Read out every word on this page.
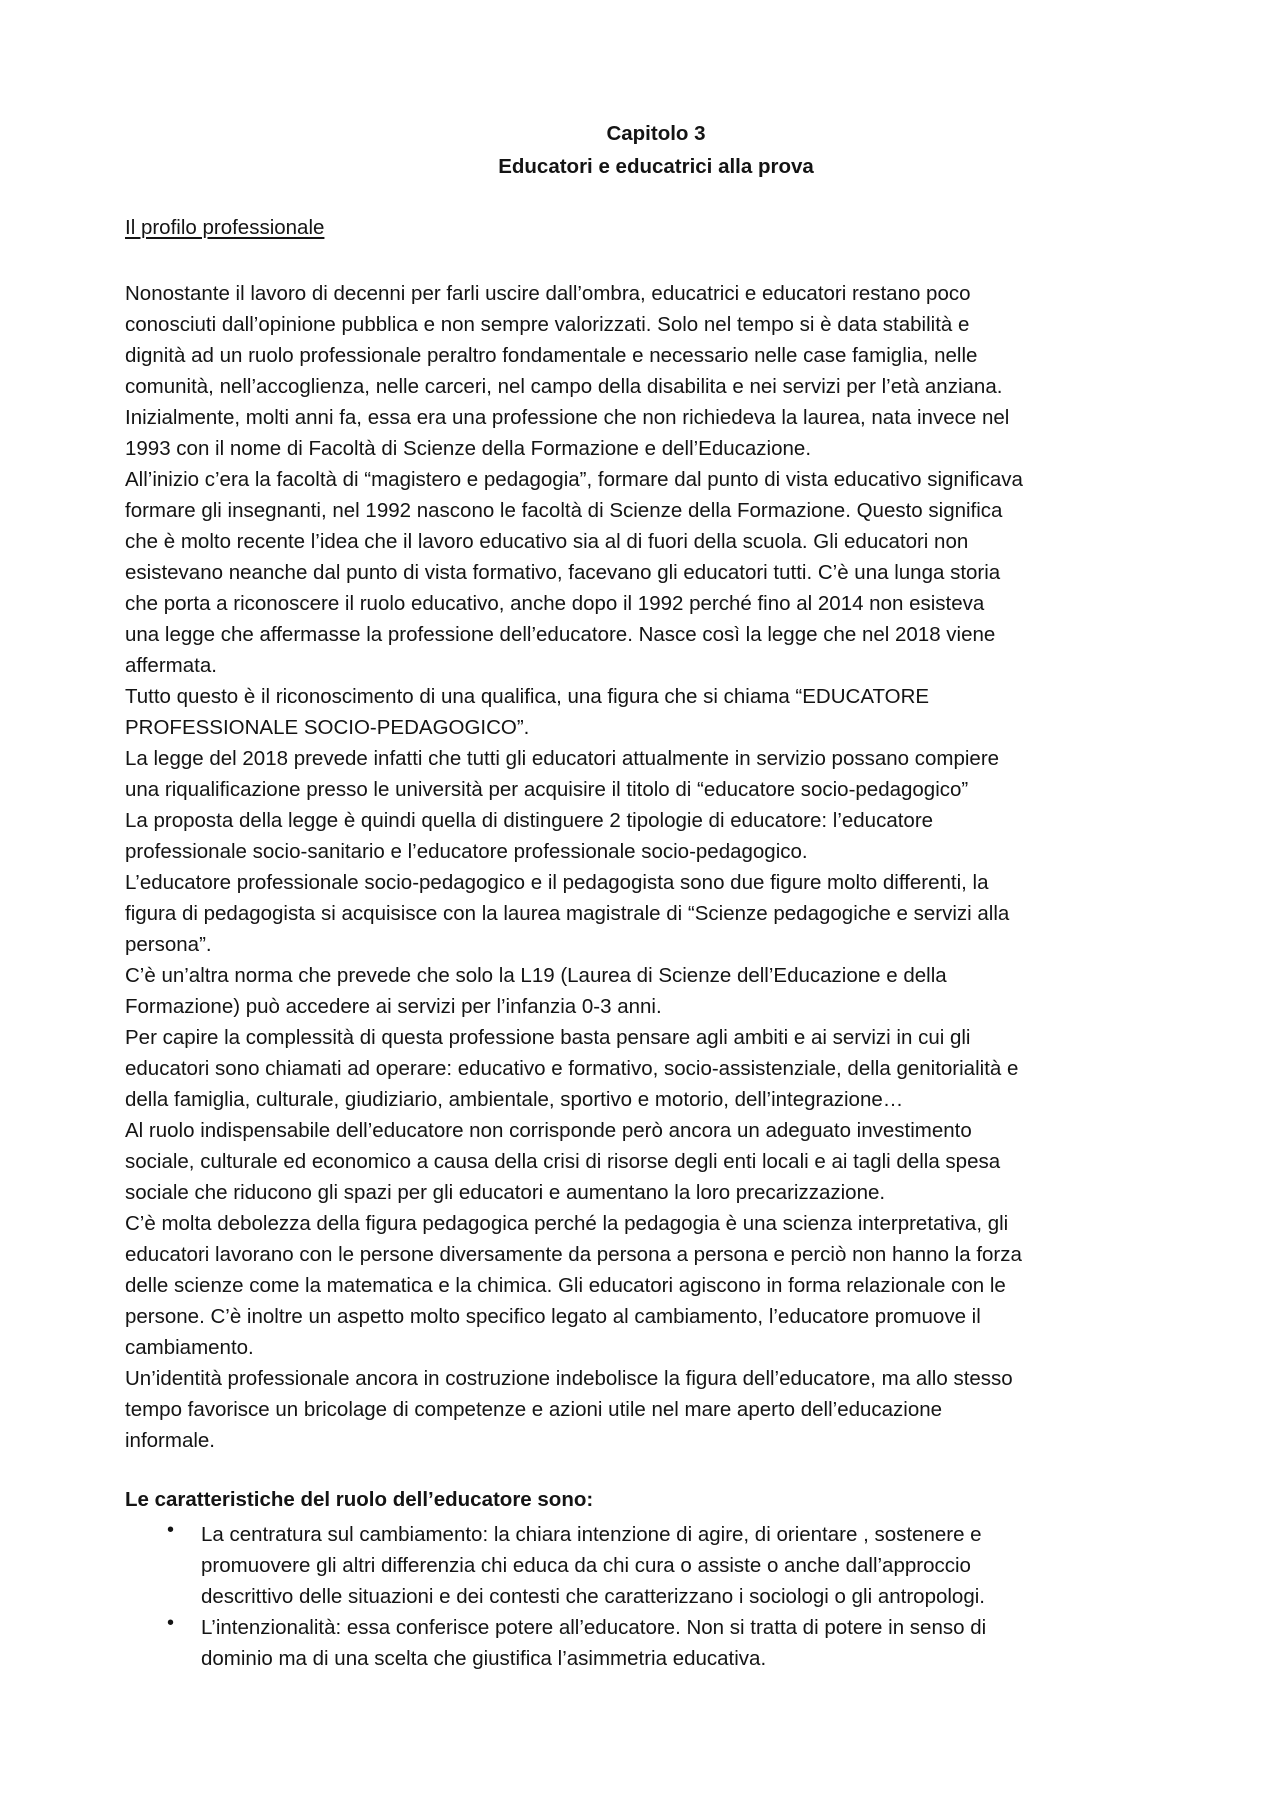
Capitolo 3
Educatori e educatrici alla prova
Il profilo professionale
Nonostante il lavoro di decenni per farli uscire dall’ombra, educatrici e educatori restano poco
conosciuti dall’opinione pubblica e non sempre valorizzati. Solo nel tempo si è data stabilità e
dignità ad un ruolo professionale peraltro fondamentale e necessario nelle case famiglia, nelle
comunità, nell’accoglienza, nelle carceri, nel campo della disabilita e nei servizi per l’età anziana.
Inizialmente, molti anni fa, essa era una professione che non richiedeva la laurea, nata invece nel
1993 con il nome di Facoltà di Scienze della Formazione e dell’Educazione.
All’inizio c’era la facoltà di “magistero e pedagogia”, formare dal punto di vista educativo significava
formare gli insegnanti, nel 1992 nascono le facoltà di Scienze della Formazione. Questo significa
che è molto recente l’idea che il lavoro educativo sia al di fuori della scuola. Gli educatori non
esistevano neanche dal punto di vista formativo, facevano gli educatori tutti. C’è una lunga storia
che porta a riconoscere il ruolo educativo, anche dopo il 1992 perché fino al 2014 non esisteva
una legge che affermasse la professione dell’educatore. Nasce così la legge che nel 2018 viene
affermata.
Tutto questo è il riconoscimento di una qualifica, una figura che si chiama “EDUCATORE
PROFESSIONALE SOCIO-PEDAGOGICO”.
La legge del 2018 prevede infatti che tutti gli educatori attualmente in servizio possano compiere
una riqualificazione presso le università per acquisire il titolo di “educatore socio-pedagogico”
La proposta della legge è quindi quella di distinguere 2 tipologie di educatore: l’educatore
professionale socio-sanitario e l’educatore professionale socio-pedagogico.
L’educatore professionale socio-pedagogico e il pedagogista sono due figure molto differenti, la
figura di pedagogista si acquisisce con la laurea magistrale di “Scienze pedagogiche e servizi alla
persona”.
C’è un’altra norma che prevede che solo la L19 (Laurea di Scienze dell’Educazione e della
Formazione) può accedere ai servizi per l’infanzia 0-3 anni.
Per capire la complessità di questa professione basta pensare agli ambiti e ai servizi in cui gli
educatori sono chiamati ad operare: educativo e formativo, socio-assistenziale, della genitorialità e
della famiglia, culturale, giudiziario, ambientale, sportivo e motorio, dell’integrazione…
Al ruolo indispensabile dell’educatore non corrisponde però ancora un adeguato investimento
sociale, culturale ed economico a causa della crisi di risorse degli enti locali e ai tagli della spesa
sociale che riducono gli spazi per gli educatori e aumentano la loro precarizzazione.
C’è molta debolezza della figura pedagogica perché la pedagogia è una scienza interpretativa, gli
educatori lavorano con le persone diversamente da persona a persona e perciò non hanno la forza
delle scienze come la matematica e la chimica. Gli educatori agiscono in forma relazionale con le
persone. C’è inoltre un aspetto molto specifico legato al cambiamento, l’educatore promuove il
cambiamento.
Un’identità professionale ancora in costruzione indebolisce la figura dell’educatore, ma allo stesso
tempo favorisce un bricolage di competenze e azioni utile nel mare aperto dell’educazione
informale.
Le caratteristiche del ruolo dell’educatore sono:
• La centratura sul cambiamento: la chiara intenzione di agire, di orientare , sostenere e
promuovere gli altri differenzia chi educa da chi cura o assiste o anche dall’approccio
descrittivo delle situazioni e dei contesti che caratterizzano i sociologi o gli antropologi.
• L’intenzionalità: essa conferisce potere all’educatore. Non si tratta di potere in senso di
dominio ma di una scelta che giustifica l’asimmetria educativa.
